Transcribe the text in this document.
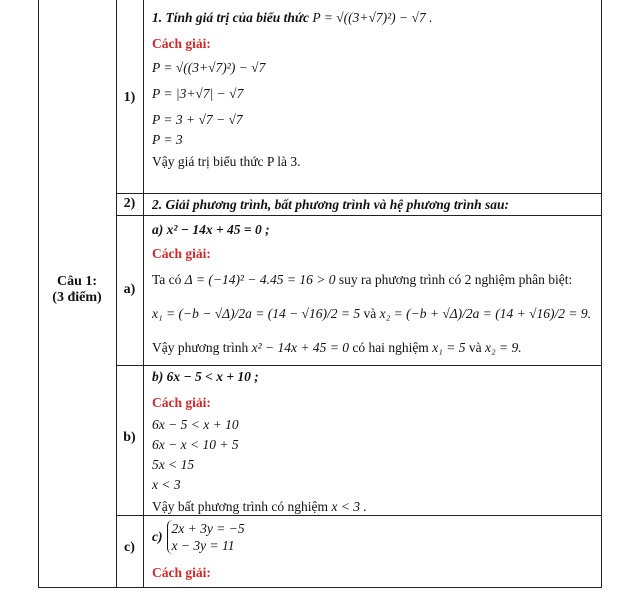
Câu 1:
(3 điểm)
1)
2)
a)
b)
c)
1. Tính giá trị của biểu thức P = √((3+√7)²) − √7 .
Cách giải:
P = √((3+√7)²) − √7
P = |3+√7| − √7
P = 3 + √7 − √7
P = 3
Vậy giá trị biểu thức P là 3.
2. Giải phương trình, bất phương trình và hệ phương trình sau:
a) x² − 14x + 45 = 0 ;
Cách giải:
Ta có Δ = (−14)² − 4.45 = 16 > 0 suy ra phương trình có 2 nghiệm phân biệt:
x₁ = (−b − √Δ)/2a = (14 − √16)/2 = 5 và x₂ = (−b + √Δ)/2a = (14 + √16)/2 = 9.
Vậy phương trình x² − 14x + 45 = 0 có hai nghiệm x₁ = 5 và x₂ = 9.
b) 6x − 5 < x + 10 ;
Cách giải:
6x − 5 < x + 10
6x − x < 10 + 5
5x < 15
x < 3
Vậy bất phương trình có nghiệm x < 3 .
c)
2x + 3y = −5
x − 3y = 11
Cách giải:
